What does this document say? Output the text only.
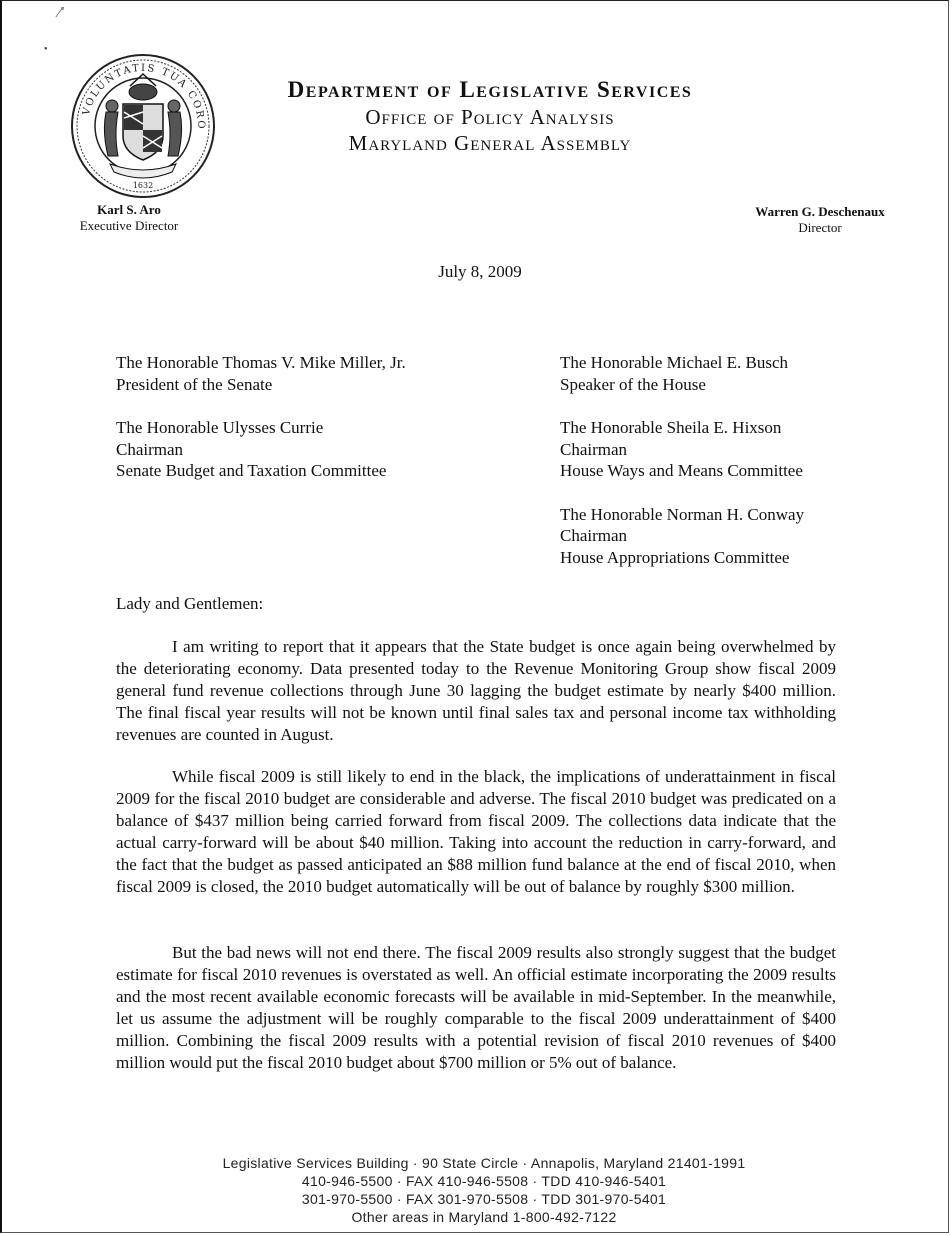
⁄˚
•
VOLUNTATIS TUA CORO
1632
Department of Legislative Services
Office of Policy Analysis
Maryland General Assembly
Karl S. Aro
Executive Director
Warren G. Deschenaux
Director
July 8, 2009
The Honorable Thomas V. Mike Miller, Jr.
President of the Senate
The Honorable Ulysses Currie
Chairman
Senate Budget and Taxation Committee
The Honorable Michael E. Busch
Speaker of the House
The Honorable Sheila E. Hixson
Chairman
House Ways and Means Committee
The Honorable Norman H. Conway
Chairman
House Appropriations Committee
Lady and Gentlemen:

I am writing to report that it appears that the State budget is once again being overwhelmed by the deteriorating economy. Data presented today to the Revenue Monitoring Group show fiscal 2009 general fund revenue collections through June 30 lagging the budget estimate by nearly $400 million. The final fiscal year results will not be known until final sales tax and personal income tax withholding revenues are counted in August.

While fiscal 2009 is still likely to end in the black, the implications of underattainment in fiscal 2009 for the fiscal 2010 budget are considerable and adverse. The fiscal 2010 budget was predicated on a balance of $437 million being carried forward from fiscal 2009. The collections data indicate that the actual carry-forward will be about $40 million. Taking into account the reduction in carry-forward, and the fact that the budget as passed anticipated an $88 million fund balance at the end of fiscal 2010, when fiscal 2009 is closed, the 2010 budget automatically will be out of balance by roughly $300 million.

But the bad news will not end there. The fiscal 2009 results also strongly suggest that the budget estimate for fiscal 2010 revenues is overstated as well. An official estimate incorporating the 2009 results and the most recent available economic forecasts will be available in mid-September. In the meanwhile, let us assume the adjustment will be roughly comparable to the fiscal 2009 underattainment of $400 million. Combining the fiscal 2009 results with a potential revision of fiscal 2010 revenues of $400 million would put the fiscal 2010 budget about $700 million or 5% out of balance.

Legislative Services Building · 90 State Circle · Annapolis, Maryland 21401-1991
410-946-5500 · FAX 410-946-5508 · TDD 410-946-5401
301-970-5500 · FAX 301-970-5508 · TDD 301-970-5401
Other areas in Maryland 1-800-492-7122
